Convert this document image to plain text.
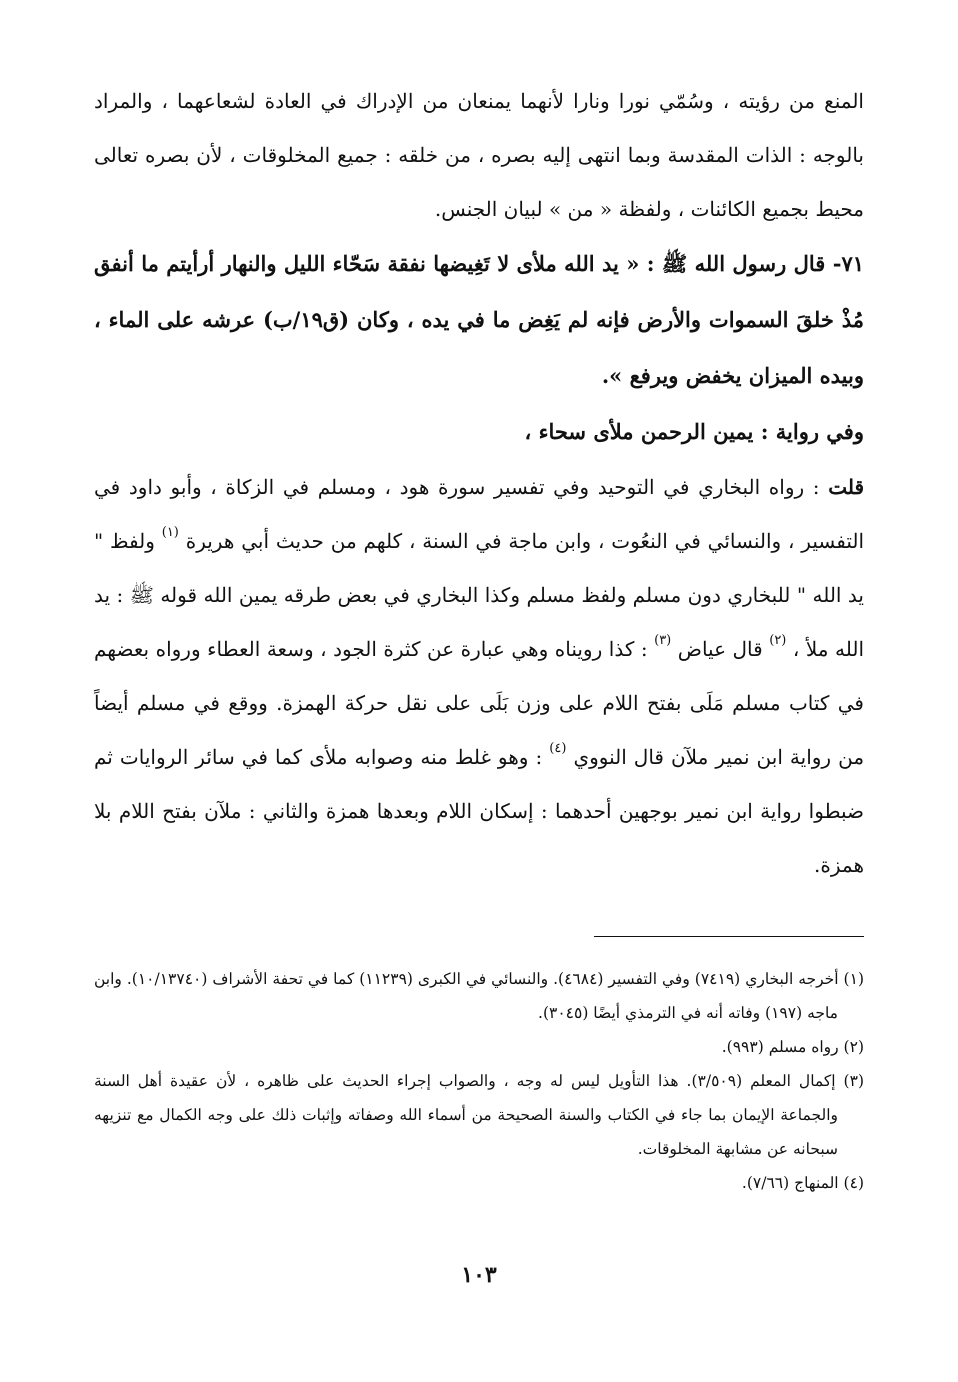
المنع من رؤيته ، وسُمّي نورا ونارا لأنهما يمنعان من الإدراك في العادة لشعاعهما ، والمراد بالوجه : الذات المقدسة وبما انتهى إليه بصره ، من خلقه : جميع المخلوقات ، لأن بصره تعالى محيط بجميع الكائنات ، ولفظة « من » لبيان الجنس.

٧١- قال رسول الله ﷺ : « يد الله ملأى لا تَغِيضها نفقة سَحّاء الليل والنهار أرأيتم ما أنفق مُذْ خلقَ السموات والأرض فإنه لم يَغِض ما في يده ، وكان (ق١٩/ب) عرشه على الماء ، وبيده الميزان يخفض ويرفع ».

وفي رواية : يمين الرحمن ملأى سحاء ،

قلت : رواه البخاري في التوحيد وفي تفسير سورة هود ، ومسلم في الزكاة ، وأبو داود في التفسير ، والنسائي في النعُوت ، وابن ماجة في السنة ، كلهم من حديث أبي هريرة $^{(١)}$ ولفظ " يد الله " للبخاري دون مسلم ولفظ مسلم وكذا البخاري في بعض طرقه يمين الله قوله ﷺ : يد الله ملأ ، $^{(٢)}$ قال عياض $^{(٣)}$ : كذا رويناه وهي عبارة عن كثرة الجود ، وسعة العطاء ورواه بعضهم في كتاب مسلم مَلَى بفتح اللام على وزن بَلَى على نقل حركة الهمزة. ووقع في مسلم أيضاً من رواية ابن نمير ملآن قال النووي $^{(٤)}$ : وهو غلط منه وصوابه ملأى كما في سائر الروايات ثم ضبطوا رواية ابن نمير بوجهين أحدهما : إسكان اللام وبعدها همزة والثاني : ملآن بفتح اللام بلا همزة.

(١) أخرجه البخاري (٧٤١٩) وفي التفسير (٤٦٨٤). والنسائي في الكبرى (١١٢٣٩) كما في تحفة الأشراف (١٠/١٣٧٤٠). وابن ماجه (١٩٧) وفاته أنه في الترمذي أيضًا (٣٠٤٥).

(٢) رواه مسلم (٩٩٣).

(٣) إكمال المعلم (٣/٥٠٩). هذا التأويل ليس له وجه ، والصواب إجراء الحديث على ظاهره ، لأن عقيدة أهل السنة والجماعة الإيمان بما جاء في الكتاب والسنة الصحيحة من أسماء الله وصفاته وإثبات ذلك على وجه الكمال مع تنزيهه سبحانه عن مشابهة المخلوقات.

(٤) المنهاج (٧/٦٦).

١٠٣
